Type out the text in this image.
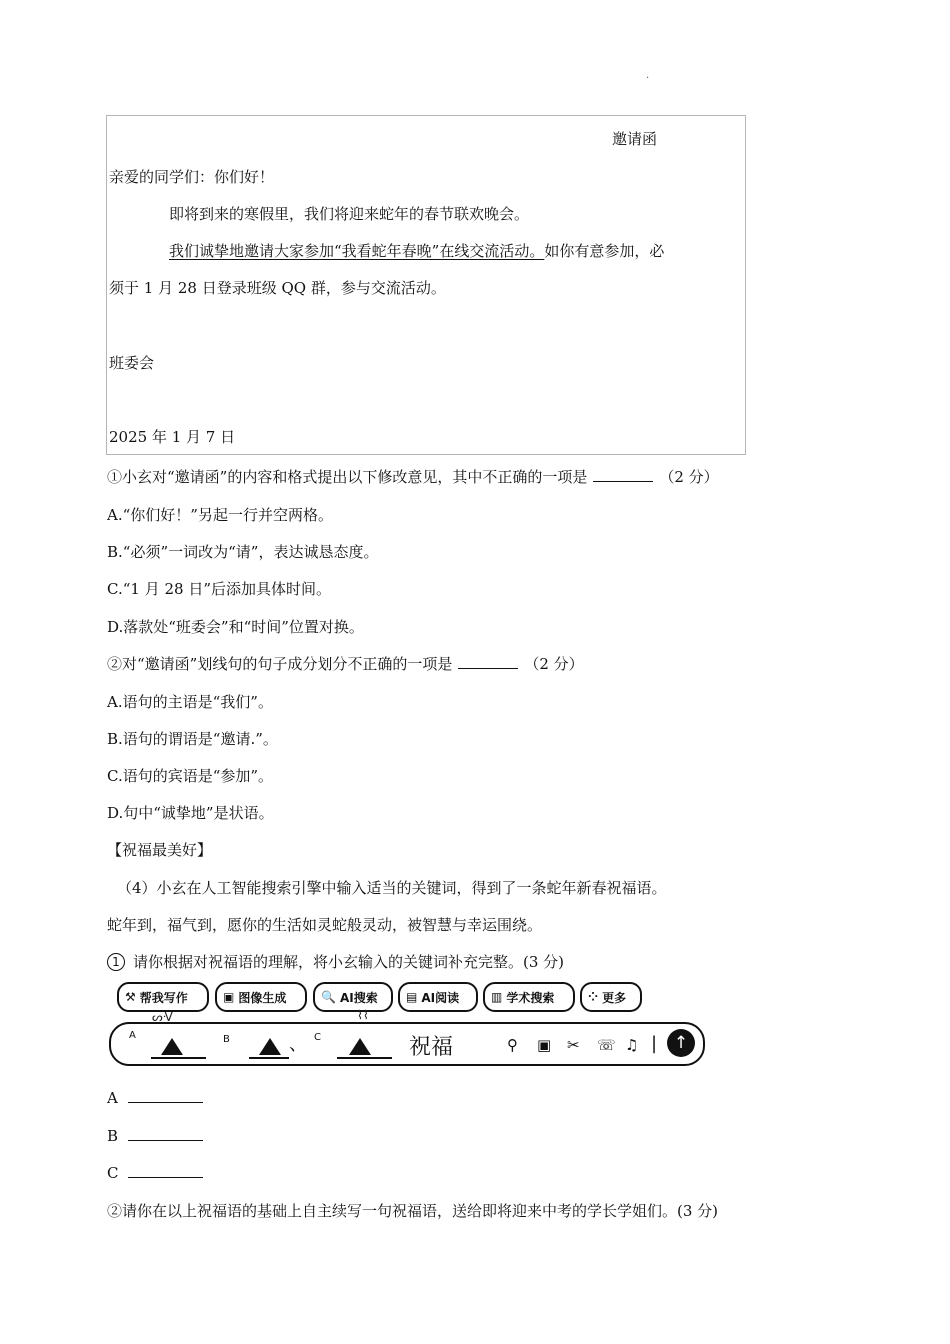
.
邀请函
亲爱的同学们：你们好！
即将到来的寒假里，我们将迎来蛇年的春节联欢晚会。
我们诚挚地邀请大家参加“我看蛇年春晚”在线交流活动。如你有意参加，必
须于 1 月 28 日登录班级 QQ 群，参与交流活动。
班委会
2025 年 1 月 7 日
①小玄对“邀请函”的内容和格式提出以下修改意见，其中不正确的一项是	（2 分）
A.“你们好！”另起一行并空两格。
B.“必须”一词改为“请”，表达诚恳态度。
C.“1 月 28 日”后添加具体时间。
D.落款处“班委会”和“时间”位置对换。
②对“邀请函”划线句的句子成分划分不正确的一项是	（2 分）
A.语句的主语是“我们”。
B.语句的谓语是“邀请.”。
C.语句的宾语是“参加”。
D.句中“诚挚地”是状语。
【祝福最美好】
（4）小玄在人工智能搜索引擎中输入适当的关键词，得到了一条蛇年新春祝福语。
蛇年到，福气到，愿你的生活如灵蛇般灵动，被智慧与幸运围绕。
1 请你根据对祝福语的理解，将小玄输入的关键词补充完整。(3 分)
⚒ 帮我写作	▣ 图像生成	🔍 AI搜索 ▤ AI阅读	▥ 学术搜索	⁘ 更多
ᔕᐺ	⌇⌇
A	B	、 C	祝福	⚲ ▣ ✂ ☏ ♫ | ↑
A
B
C
②请你在以上祝福语的基础上自主续写一句祝福语，送给即将迎来中考的学长学姐们。(3 分)
